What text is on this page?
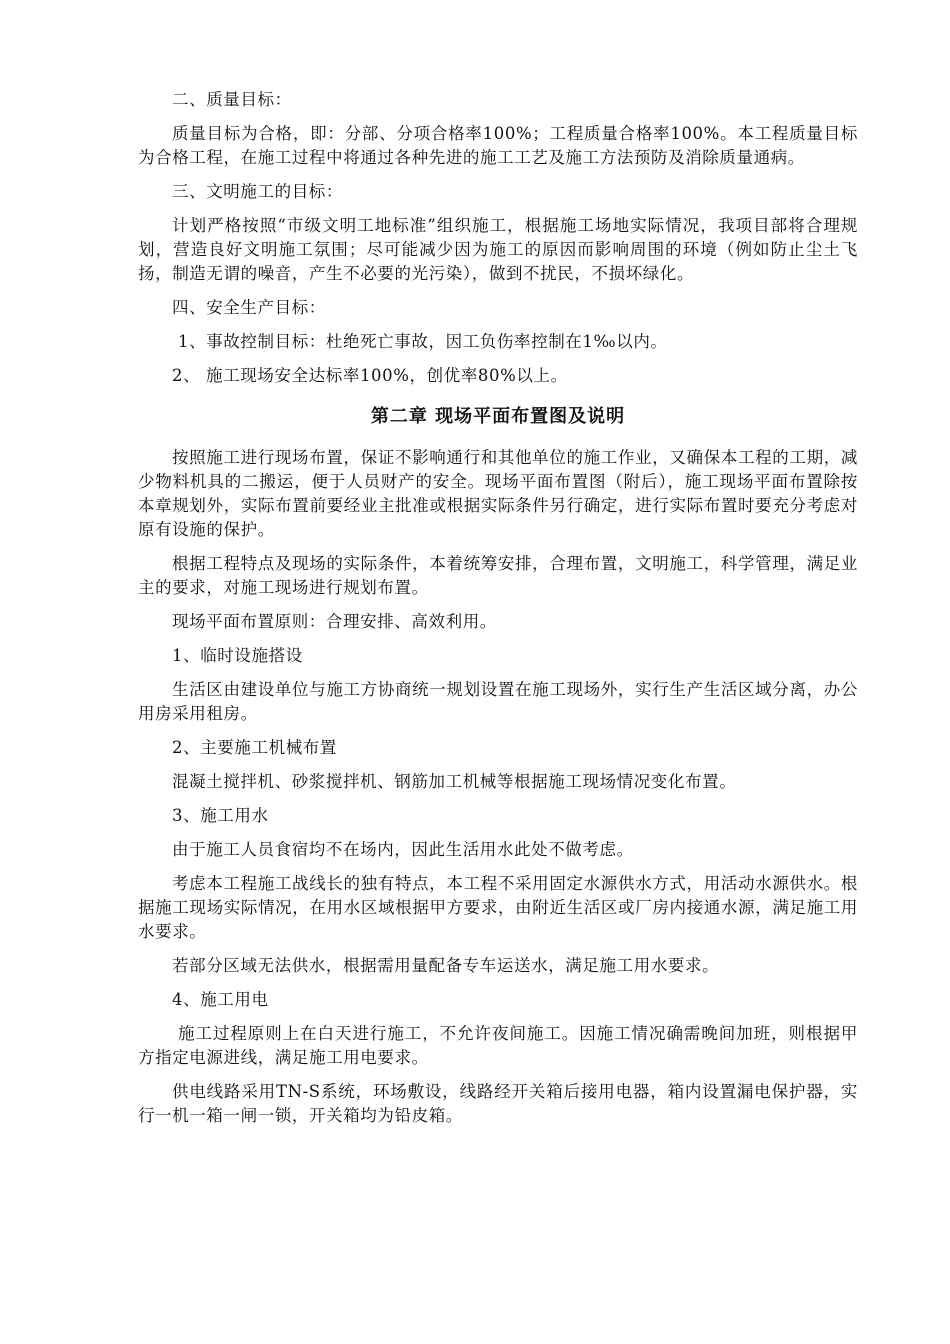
二、质量目标：

质量目标为合格，即：分部、分项合格率100%；工程质量合格率100%。本工程质量目标为合格工程，在施工过程中将通过各种先进的施工工艺及施工方法预防及消除质量通病。

三、文明施工的目标：

计划严格按照“市级文明工地标准”组织施工，根据施工场地实际情况，我项目部将合理规划，营造良好文明施工氛围；尽可能减少因为施工的原因而影响周围的环境（例如防止尘土飞扬，制造无谓的噪音，产生不必要的光污染），做到不扰民，不损坏绿化。

四、安全生产目标：

1、事故控制目标：杜绝死亡事故，因工负伤率控制在1‰以内。

2、 施工现场安全达标率100%，创优率80%以上。

第二章 现场平面布置图及说明

按照施工进行现场布置，保证不影响通行和其他单位的施工作业，又确保本工程的工期，减少物料机具的二搬运，便于人员财产的安全。现场平面布置图（附后），施工现场平面布置除按本章规划外，实际布置前要经业主批准或根据实际条件另行确定，进行实际布置时要充分考虑对原有设施的保护。

根据工程特点及现场的实际条件，本着统筹安排，合理布置，文明施工，科学管理，满足业主的要求，对施工现场进行规划布置。

现场平面布置原则：合理安排、高效利用。

1、临时设施搭设

生活区由建设单位与施工方协商统一规划设置在施工现场外，实行生产生活区域分离，办公用房采用租房。

2、主要施工机械布置

混凝土搅拌机、砂浆搅拌机、钢筋加工机械等根据施工现场情况变化布置。

3、施工用水

由于施工人员食宿均不在场内，因此生活用水此处不做考虑。

考虑本工程施工战线长的独有特点，本工程不采用固定水源供水方式，用活动水源供水。根据施工现场实际情况，在用水区域根据甲方要求，由附近生活区或厂房内接通水源，满足施工用水要求。

若部分区域无法供水，根据需用量配备专车运送水，满足施工用水要求。

4、施工用电

施工过程原则上在白天进行施工，不允许夜间施工。因施工情况确需晚间加班，则根据甲方指定电源进线，满足施工用电要求。

供电线路采用TN-S系统，环场敷设，线路经开关箱后接用电器，箱内设置漏电保护器，实行一机一箱一闸一锁，开关箱均为铅皮箱。
